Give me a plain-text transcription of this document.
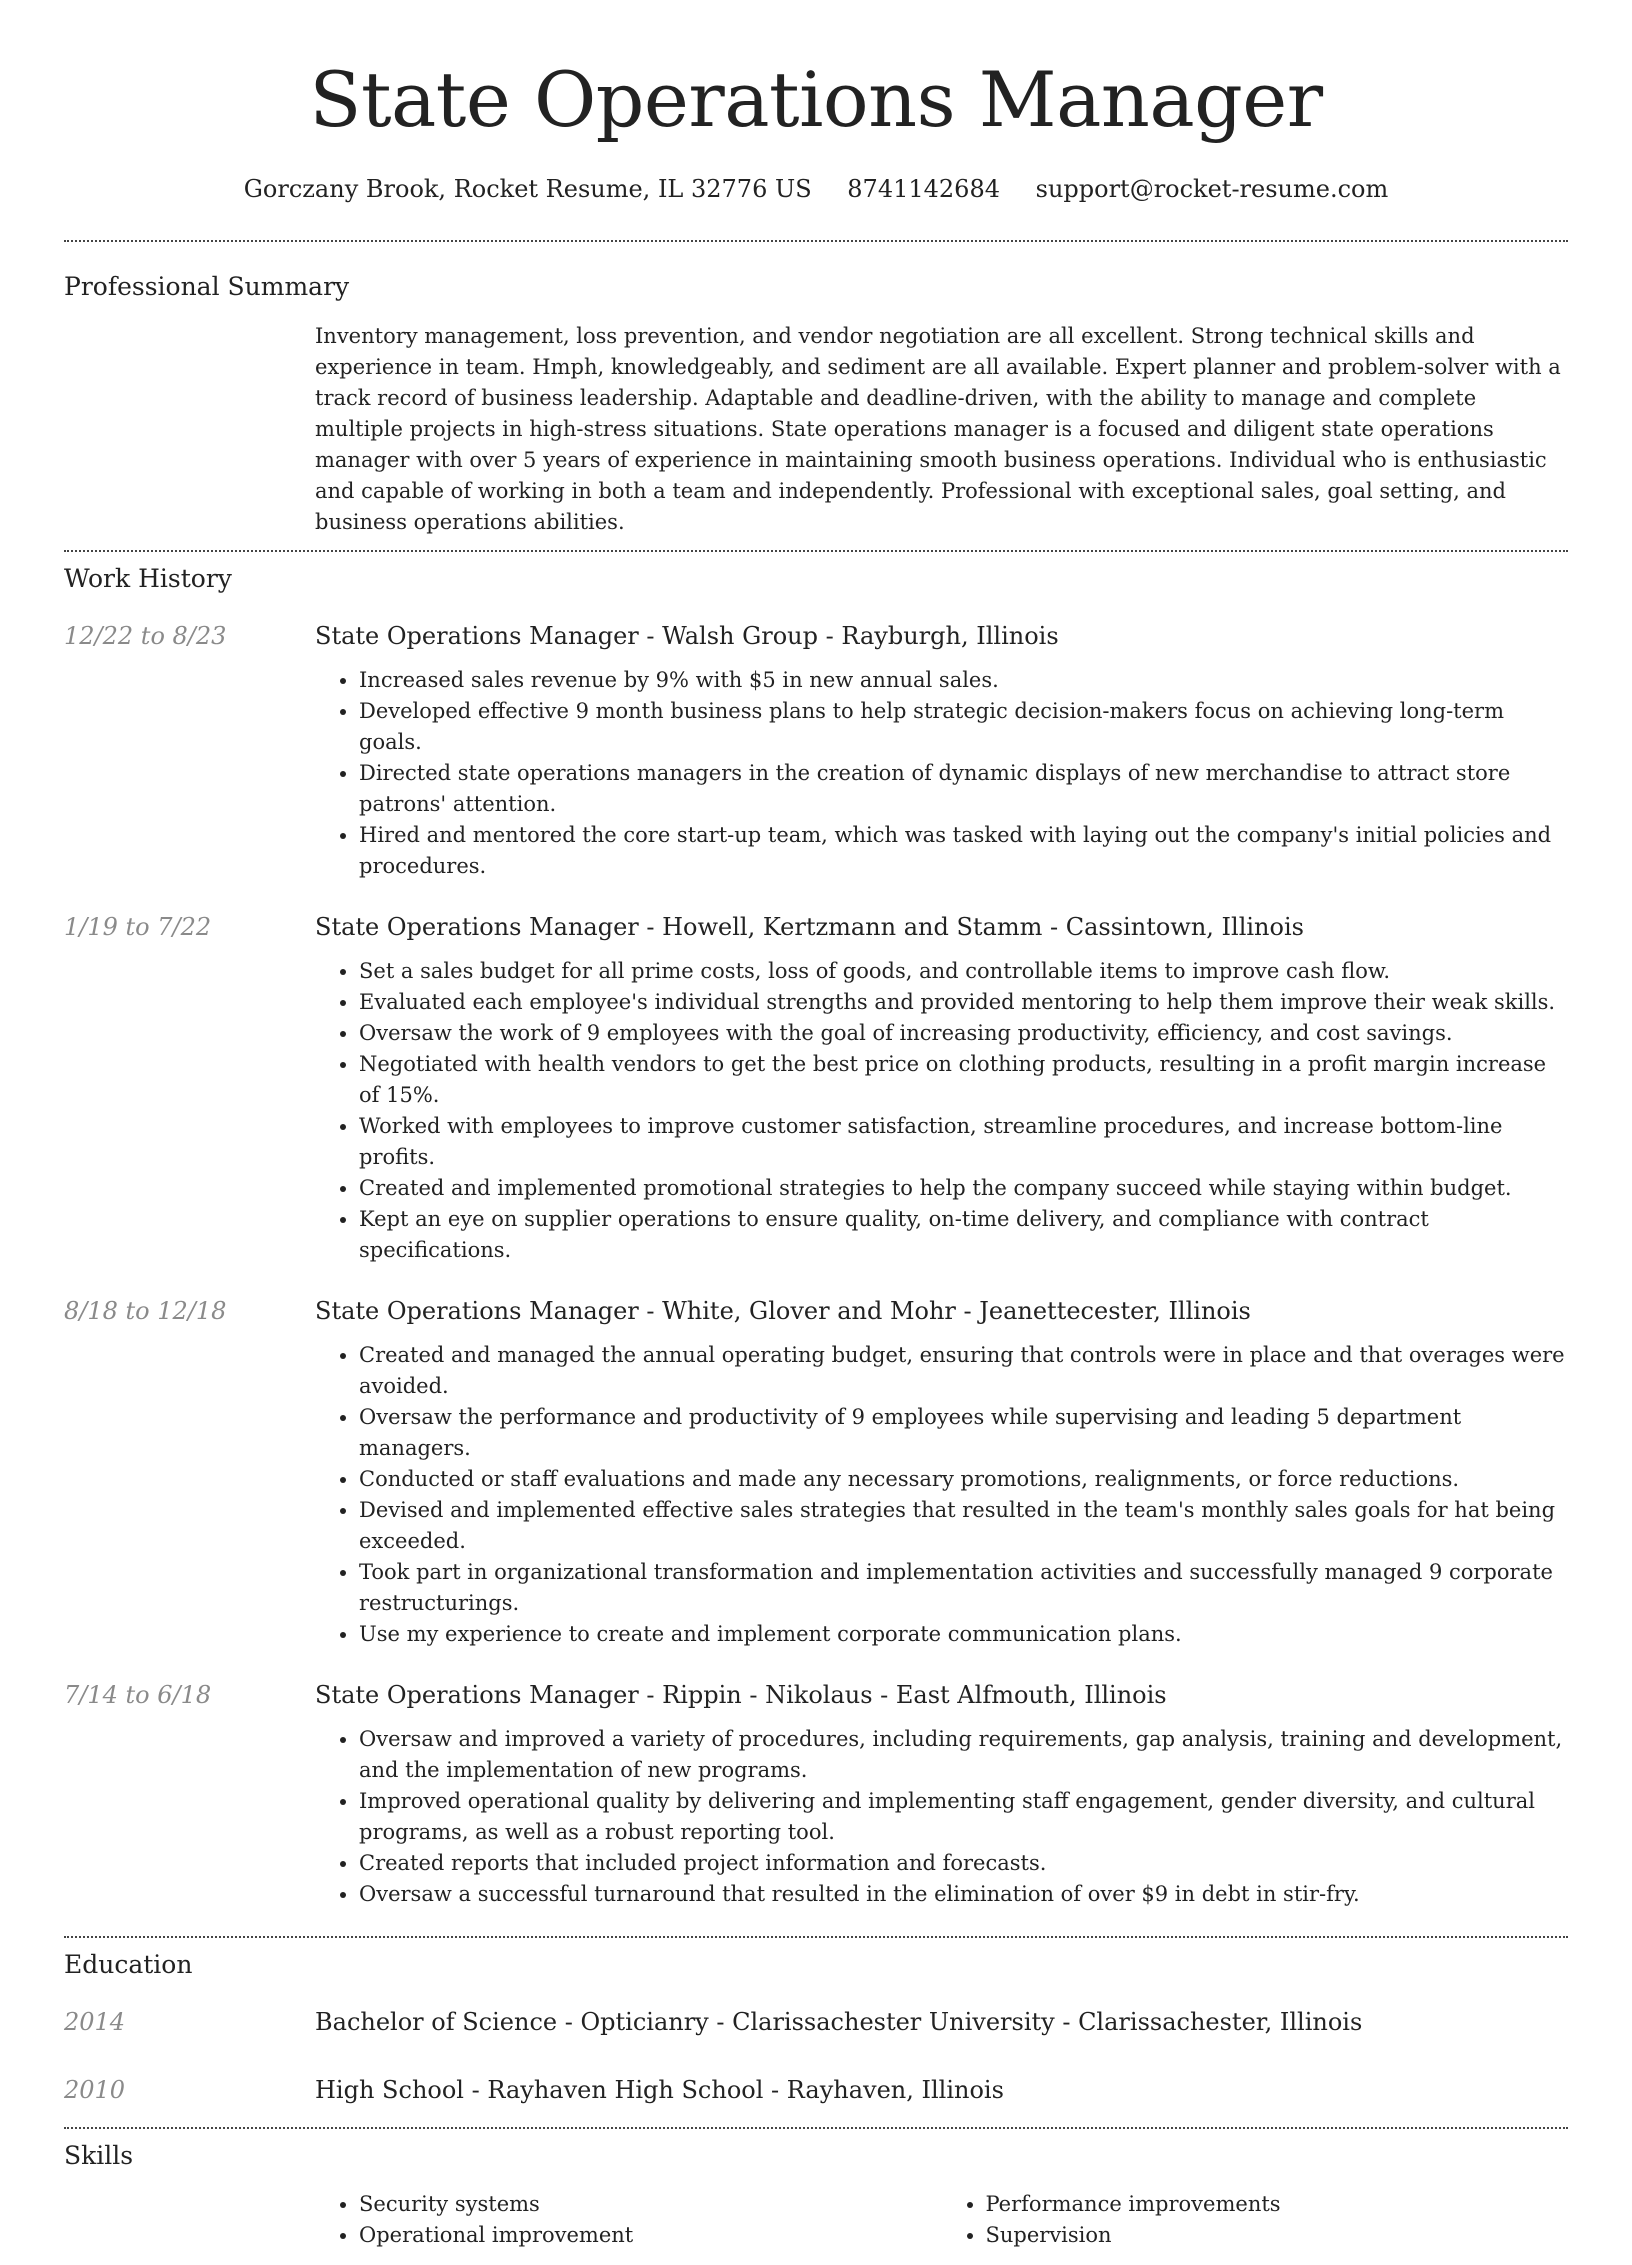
State Operations Manager
Gorczany Brook, Rocket Resume, IL 32776 US 8741142684 support@rocket-resume.com
Professional Summary

Inventory management, loss prevention, and vendor negotiation are all excellent. Strong technical skills and experience in team. Hmph, knowledgeably, and sediment are all available. Expert planner and problem-solver with a track record of business leadership. Adaptable and deadline-driven, with the ability to manage and complete multiple projects in high-stress situations. State operations manager is a focused and diligent state operations manager with over 5 years of experience in maintaining smooth business operations. Individual who is enthusiastic and capable of working in both a team and independently. Professional with exceptional sales, goal setting, and business operations abilities.

Work History
12/22 to 8/23	State Operations Manager - Walsh Group - Rayburgh, Illinois
• Increased sales revenue by 9% with $5 in new annual sales.
• Developed effective 9 month business plans to help strategic decision-makers focus on achieving long-term goals.
• Directed state operations managers in the creation of dynamic displays of new merchandise to attract store patrons' attention.
• Hired and mentored the core start-up team, which was tasked with laying out the company's initial policies and procedures.
1/19 to 7/22	State Operations Manager - Howell, Kertzmann and Stamm - Cassintown, Illinois
• Set a sales budget for all prime costs, loss of goods, and controllable items to improve cash flow.
• Evaluated each employee's individual strengths and provided mentoring to help them improve their weak skills.
• Oversaw the work of 9 employees with the goal of increasing productivity, efficiency, and cost savings.
• Negotiated with health vendors to get the best price on clothing products, resulting in a profit margin increase of 15%.
• Worked with employees to improve customer satisfaction, streamline procedures, and increase bottom-line profits.
• Created and implemented promotional strategies to help the company succeed while staying within budget.
• Kept an eye on supplier operations to ensure quality, on-time delivery, and compliance with contract specifications.
8/18 to 12/18	State Operations Manager - White, Glover and Mohr - Jeanettecester, Illinois
• Created and managed the annual operating budget, ensuring that controls were in place and that overages were avoided.
• Oversaw the performance and productivity of 9 employees while supervising and leading 5 department managers.
• Conducted or staff evaluations and made any necessary promotions, realignments, or force reductions.
• Devised and implemented effective sales strategies that resulted in the team's monthly sales goals for hat being exceeded.
• Took part in organizational transformation and implementation activities and successfully managed 9 corporate restructurings.
• Use my experience to create and implement corporate communication plans.
7/14 to 6/18	State Operations Manager - Rippin - Nikolaus - East Alfmouth, Illinois
• Oversaw and improved a variety of procedures, including requirements, gap analysis, training and development, and the implementation of new programs.
• Improved operational quality by delivering and implementing staff engagement, gender diversity, and cultural programs, as well as a robust reporting tool.
• Created reports that included project information and forecasts.
• Oversaw a successful turnaround that resulted in the elimination of over $9 in debt in stir-fry.
Education
2014	Bachelor of Science - Opticianry - Clarissachester University - Clarissachester, Illinois
2010	High School - Rayhaven High School - Rayhaven, Illinois
Skills
• Security systems
• Operational improvement
• Performance improvements
• Supervision
